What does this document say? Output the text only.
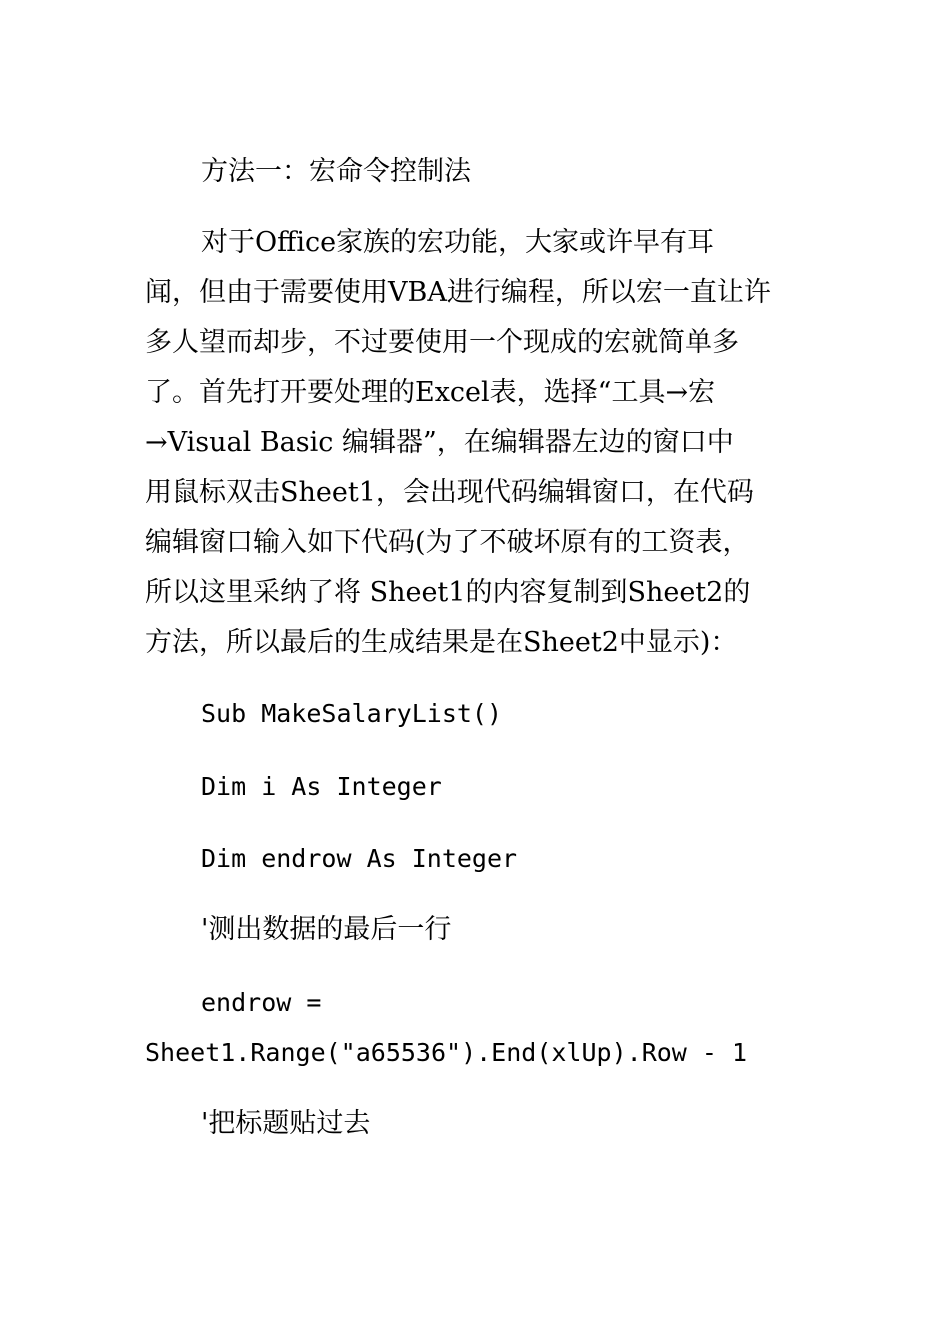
方法一：宏命令控制法

对于Office家族的宏功能，大家或许早有耳
闻，但由于需要使用VBA进行编程，所以宏一直让许
多人望而却步，不过要使用一个现成的宏就简单多
了。首先打开要处理的Excel表，选择“工具→宏
→Visual Basic 编辑器”，在编辑器左边的窗口中
用鼠标双击Sheet1，会出现代码编辑窗口，在代码
编辑窗口输入如下代码(为了不破坏原有的工资表，
所以这里采纳了将 Sheet1的内容复制到Sheet2的
方法，所以最后的生成结果是在Sheet2中显示)：

Sub MakeSalaryList()

Dim i As Integer

Dim endrow As Integer

'测出数据的最后一行

endrow =
Sheet1.Range("a65536").End(xlUp).Row - 1

'把标题贴过去
